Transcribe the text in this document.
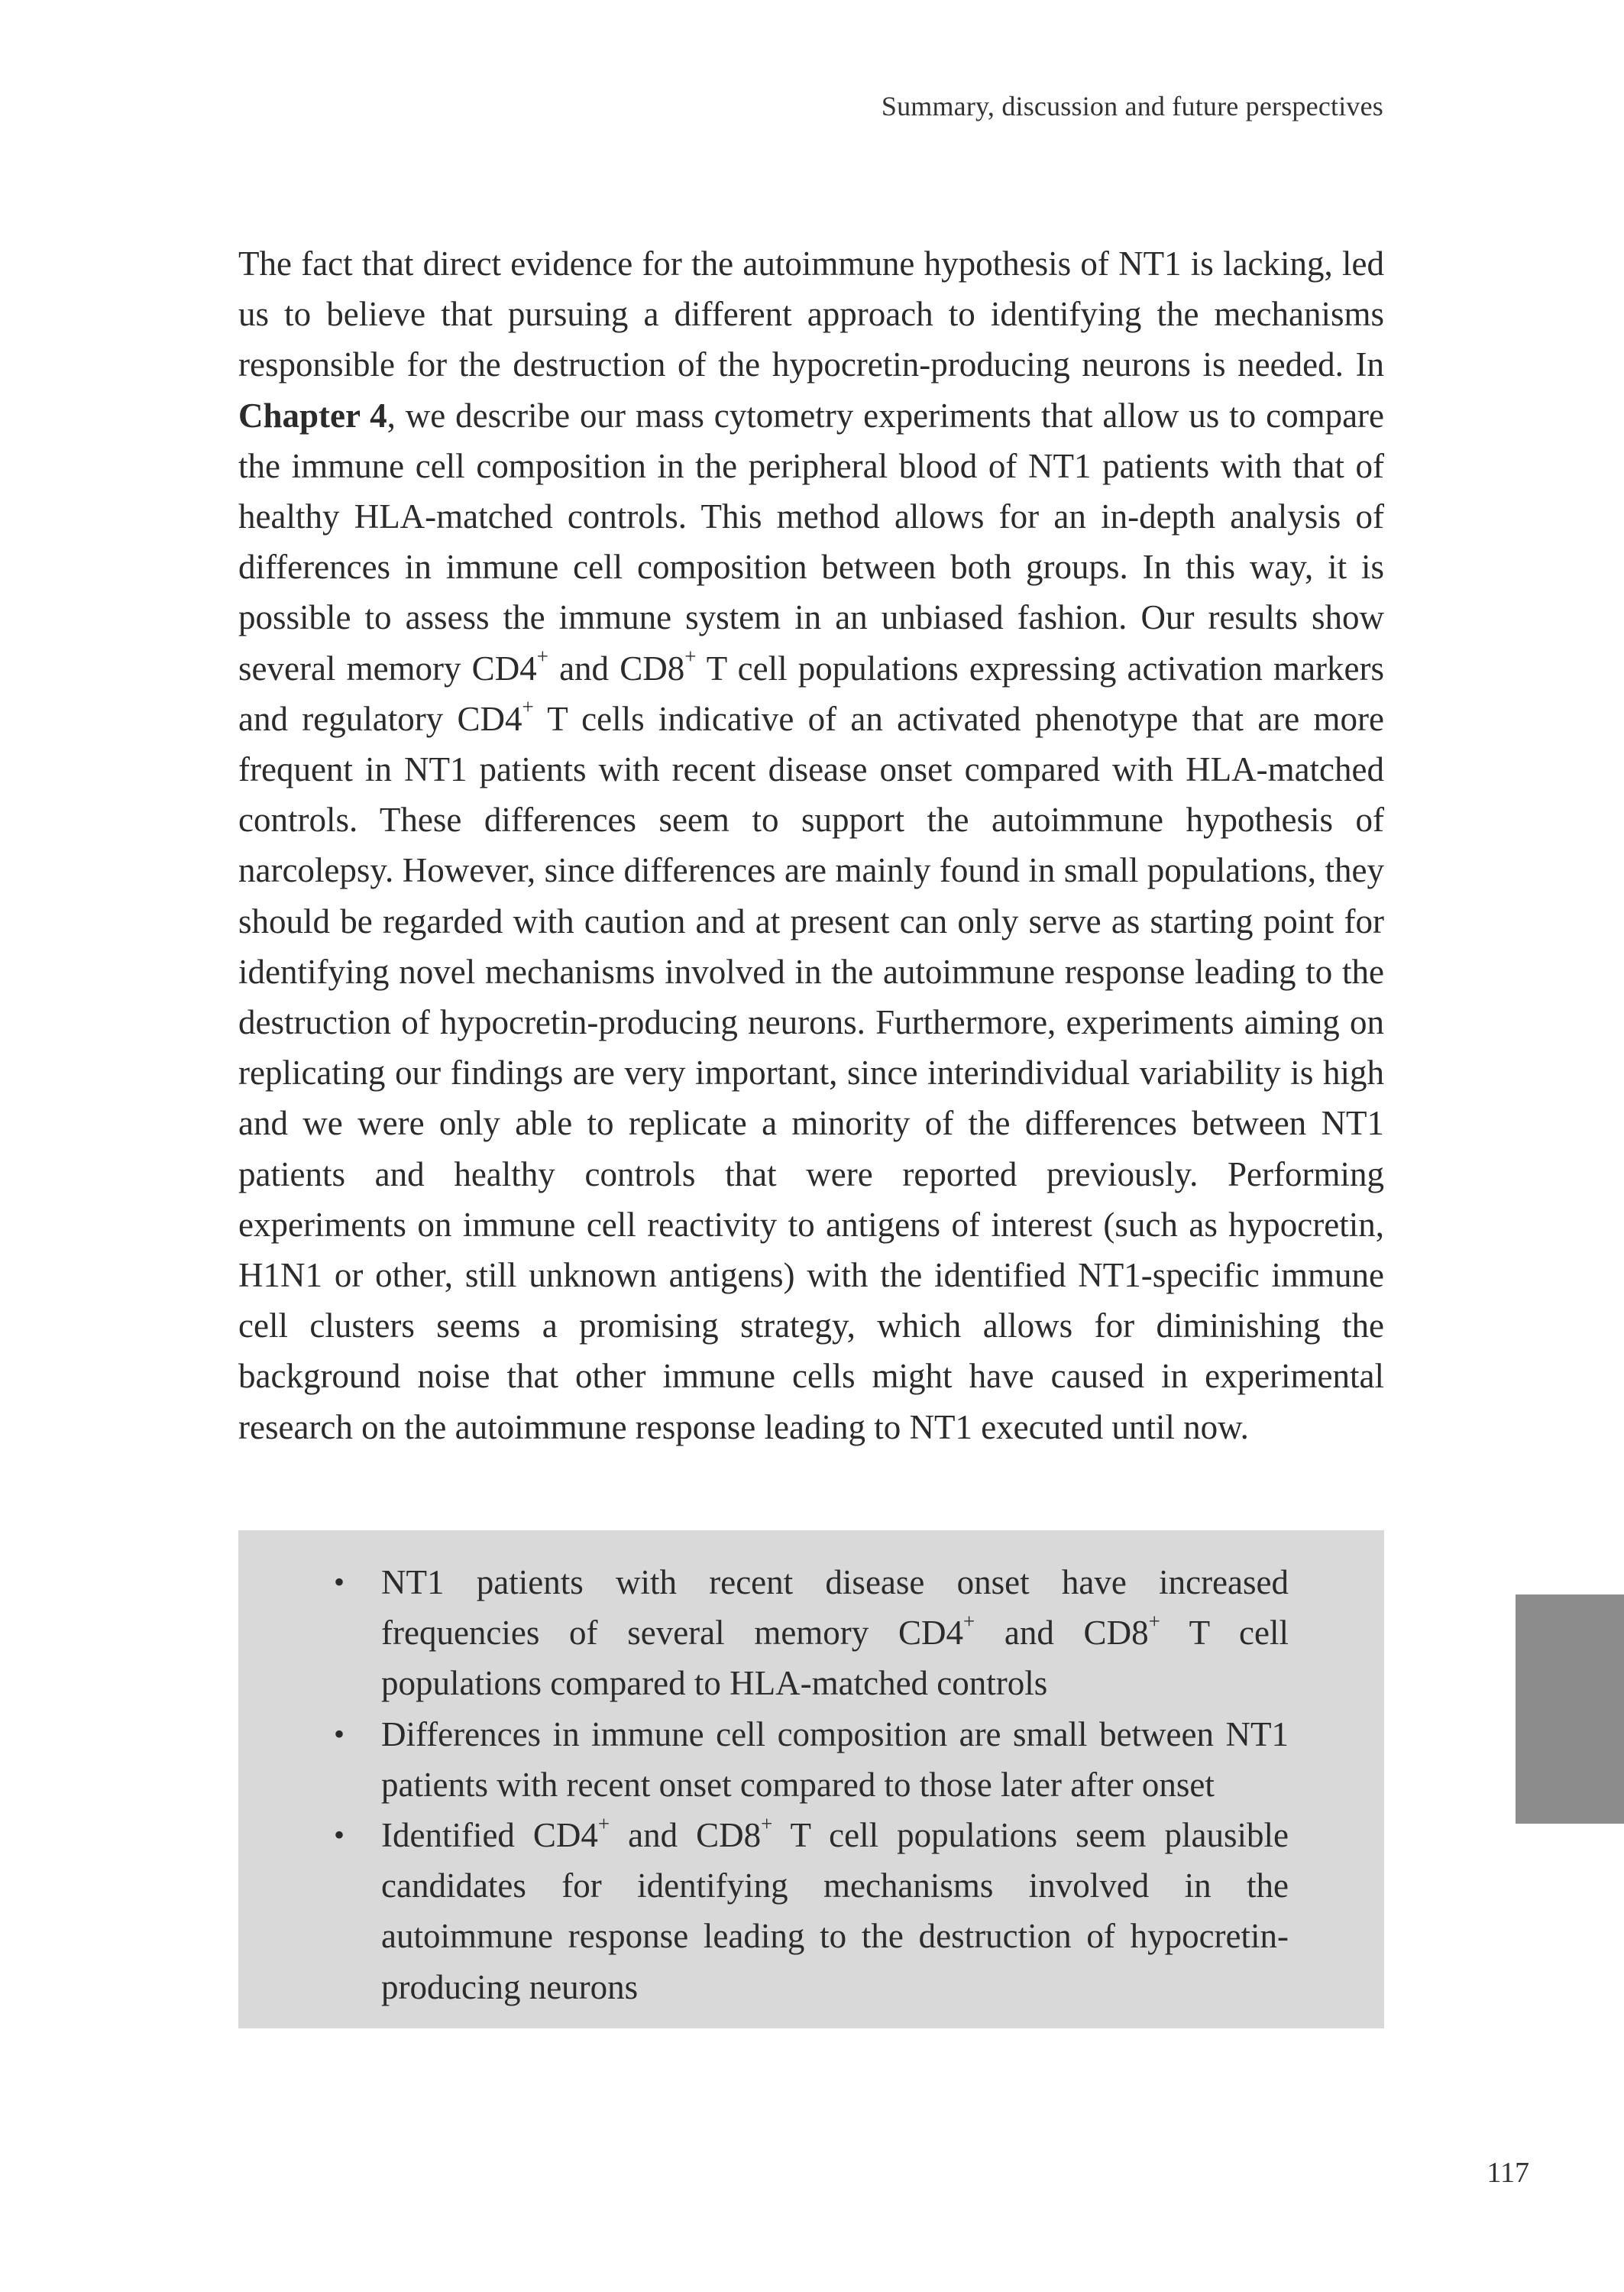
Summary, discussion and future perspectives

The fact that direct evidence for the autoimmune hypothesis of NT1 is lacking, led us to believe that pursuing a different approach to identifying the mechanisms responsible for the destruction of the hypocretin-producing neurons is needed. In Chapter 4, we describe our mass cytometry experiments that allow us to compare the immune cell composition in the peripheral blood of NT1 patients with that of healthy HLA-matched controls. This method allows for an in-depth analysis of differences in immune cell composition between both groups. In this way, it is possible to assess the immune system in an unbiased fashion. Our results show several memory CD4+ and CD8+ T cell populations expressing activation markers and regulatory CD4+ T cells indicative of an activated phenotype that are more frequent in NT1 patients with recent disease onset compared with HLA-matched controls. These differences seem to support the autoimmune hypothesis of narcolepsy. However, since differences are mainly found in small populations, they should be regarded with caution and at present can only serve as starting point for identifying novel mechanisms involved in the autoimmune response leading to the destruction of hypocretin-producing neurons. Furthermore, experiments aiming on replicating our findings are very important, since interindividual variability is high and we were only able to replicate a minority of the differences between NT1 patients and healthy controls that were reported previously. Performing experiments on immune cell reactivity to antigens of interest (such as hypocretin, H1N1 or other, still unknown antigens) with the identified NT1-specific immune cell clusters seems a promising strategy, which allows for diminishing the background noise that other immune cells might have caused in experimental research on the autoimmune response leading to NT1 executed until now.

• NT1 patients with recent disease onset have increased frequencies of several memory CD4+ and CD8+ T cell populations compared to HLA-matched controls
• Differences in immune cell composition are small between NT1 patients with recent onset compared to those later after onset
• Identified CD4+ and CD8+ T cell populations seem plausible candidates for identifying mechanisms involved in the autoimmune response leading to the destruction of hypocretin-producing neurons
117
